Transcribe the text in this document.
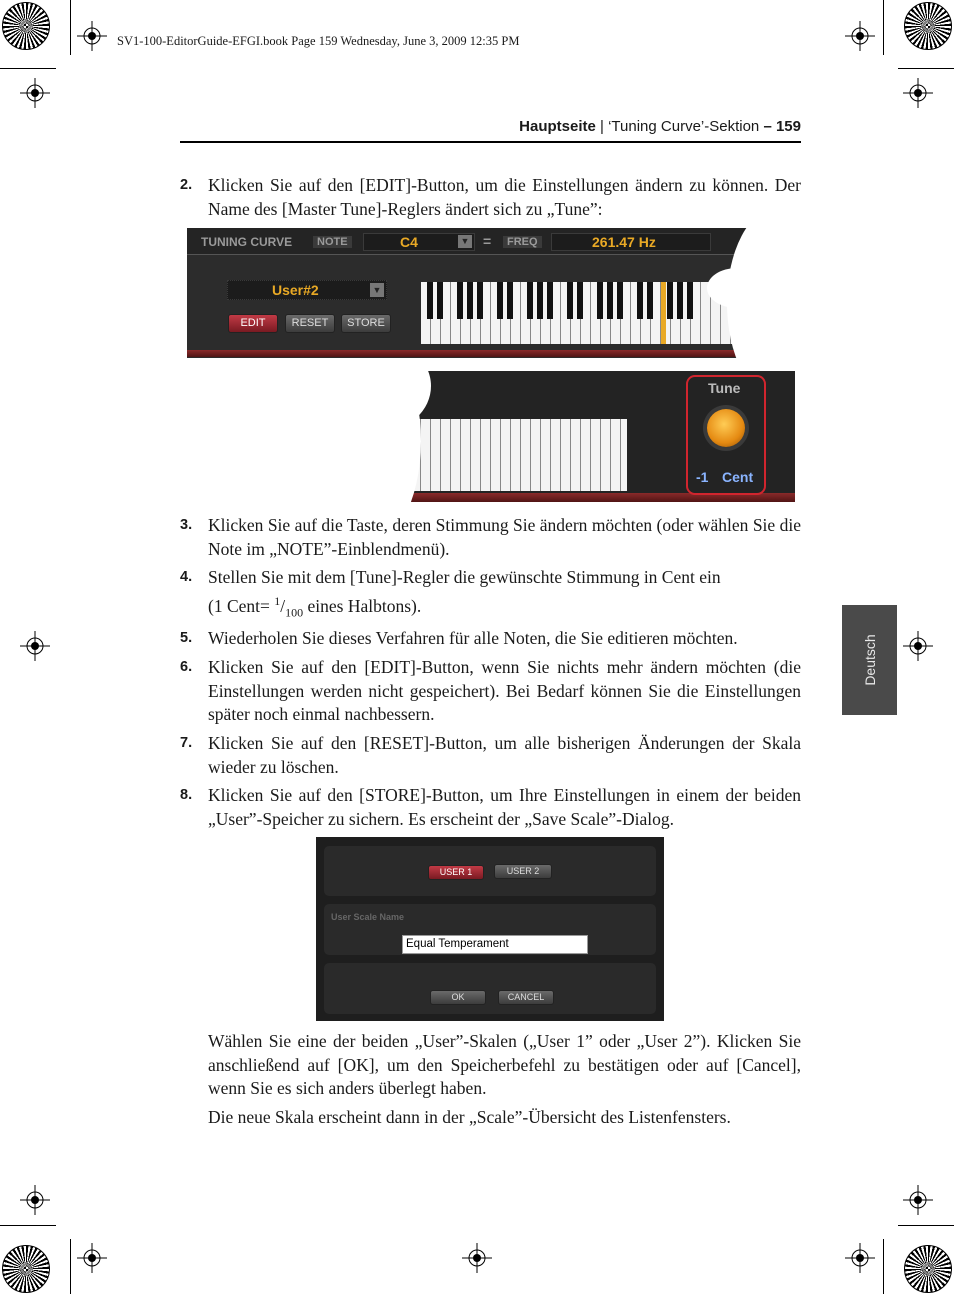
SV1-100-EditorGuide-EFGI.book Page 159 Wednesday, June 3, 2009 12:35 PM
Hauptseite | ‘Tuning Curve’-Sektion – 159
Deutsch
2. Klicken Sie auf den [EDIT]-Button, um die Einstellungen ändern zu können. Der Name des [Master Tune]-Reglers ändert sich zu „Tune”:
TUNING CURVE	NOTE	C4	▼ =	FREQ	261.47 Hz
User#2	▼
EDIT	RESET	STORE
Tune
-1 Cent
3. Klicken Sie auf die Taste, deren Stimmung Sie ändern möchten (oder wählen Sie die Note im „NOTE”-Einblendmenü).
4. Stellen Sie mit dem [Tune]-Regler die gewünschte Stimmung in Cent ein
(1 Cent= $^1/_{100}$ eines Halbtons).
5. Wiederholen Sie dieses Verfahren für alle Noten, die Sie editieren möchten.
6. Klicken Sie auf den [EDIT]-Button, wenn Sie nichts mehr ändern möchten (die Einstellungen werden nicht gespeichert). Bei Bedarf können Sie die Einstellungen später noch einmal nachbessern.
7. Klicken Sie auf den [RESET]-Button, um alle bisherigen Änderungen der Skala wieder zu löschen.
8. Klicken Sie auf den [STORE]-Button, um Ihre Einstellungen in einem der beiden „User”-Speicher zu sichern. Es erscheint der „Save Scale”-Dialog.
USER 1	USER 2
User Scale Name
Equal Temperament
OK	CANCEL
Wählen Sie eine der beiden „User”-Skalen („User 1” oder „User 2”). Klicken Sie anschließend auf [OK], um den Speicherbefehl zu bestätigen oder auf [Cancel], wenn Sie es sich anders überlegt haben.
Die neue Skala erscheint dann in der „Scale”-Übersicht des Listenfensters.
